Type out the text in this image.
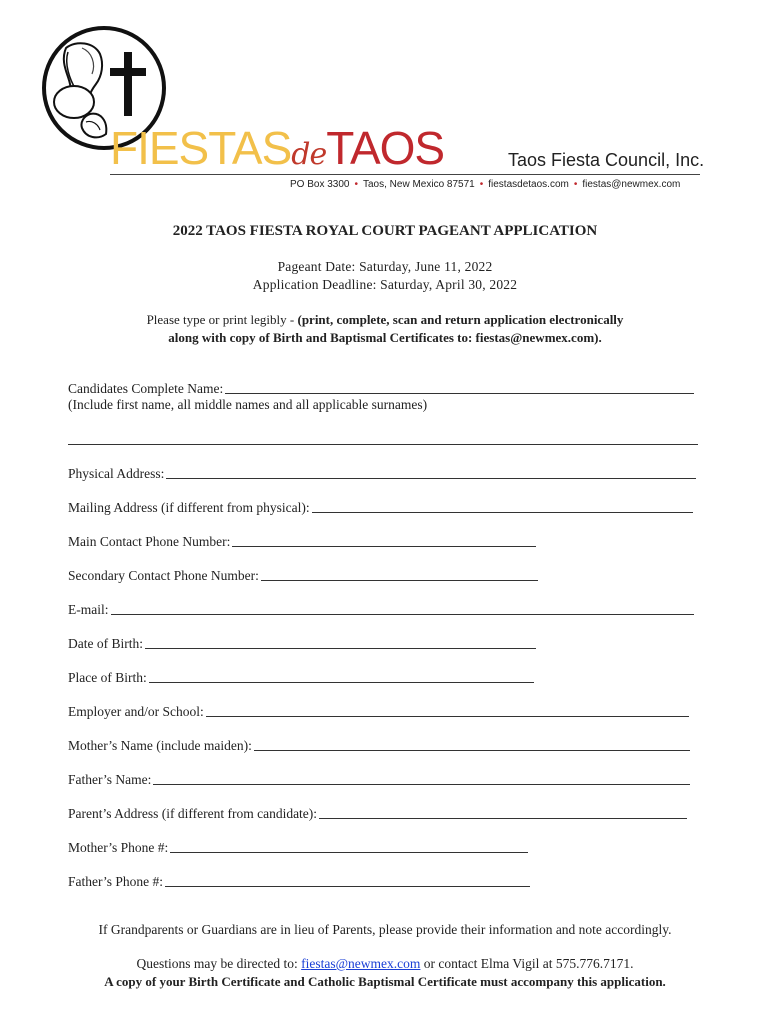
FIESTASdeTAOS	Taos Fiesta Council, Inc.
PO Box 3300 • Taos, New Mexico 87571 • fiestasdetaos.com • fiestas@newmex.com
2022 TAOS FIESTA ROYAL COURT PAGEANT APPLICATION
Pageant Date: Saturday, June 11, 2022
Application Deadline: Saturday, April 30, 2022
Please type or print legibly - (print, complete, scan and return application electronically
along with copy of Birth and Baptismal Certificates to: fiestas@newmex.com).
Candidates Complete Name:
(Include first name, all middle names and all applicable surnames)
Physical Address:
Mailing Address (if different from physical):
Main Contact Phone Number:
Secondary Contact Phone Number:
E-mail:
Date of Birth:
Place of Birth:
Employer and/or School:
Mother’s Name (include maiden):
Father’s Name:
Parent’s Address (if different from candidate):
Mother’s Phone #:
Father’s Phone #:
If Grandparents or Guardians are in lieu of Parents, please provide their information and note accordingly.
Questions may be directed to: fiestas@newmex.com or contact Elma Vigil at 575.776.7171.
A copy of your Birth Certificate and Catholic Baptismal Certificate must accompany this application.
